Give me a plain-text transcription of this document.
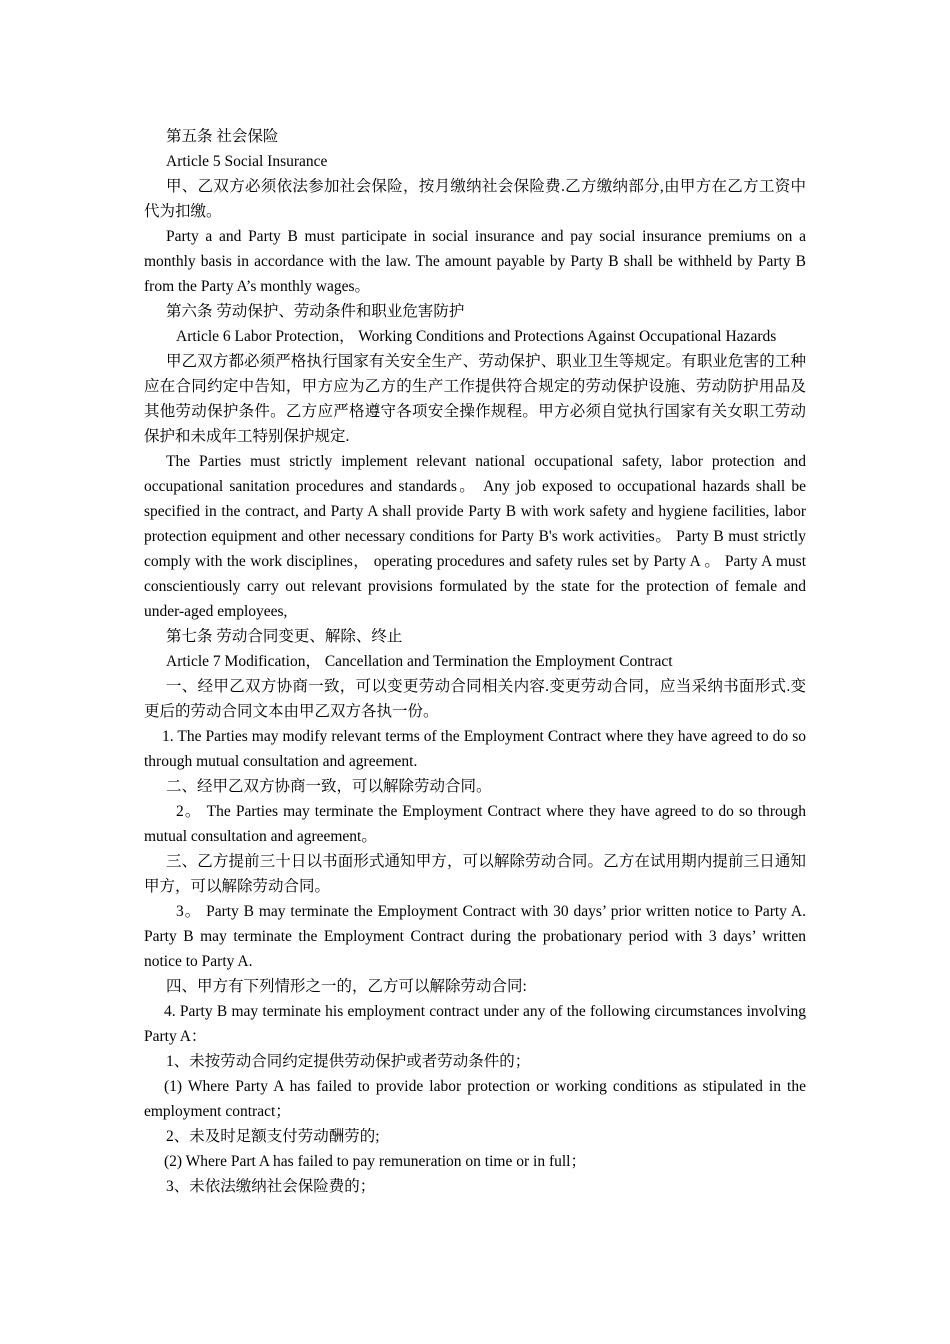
第五条 社会保险

Article 5 Social Insurance

甲、乙双方必须依法参加社会保险，按月缴纳社会保险费.乙方缴纳部分,由甲方在乙方工资中代为扣缴。

Party a and Party B must participate in social insurance and pay social insurance premiums on a monthly basis in accordance with the law. The amount payable by Party B shall be withheld by Party B from the Party A’s monthly wages。

第六条 劳动保护、劳动条件和职业危害防护

Article 6 Labor Protection， Working Conditions and Protections Against Occupational Hazards

甲乙双方都必须严格执行国家有关安全生产、劳动保护、职业卫生等规定。有职业危害的工种应在合同约定中告知，甲方应为乙方的生产工作提供符合规定的劳动保护设施、劳动防护用品及其他劳动保护条件。乙方应严格遵守各项安全操作规程。甲方必须自觉执行国家有关女职工劳动保护和未成年工特别保护规定.

The Parties must strictly implement relevant national occupational safety, labor protection and occupational sanitation procedures and standards。 Any job exposed to occupational hazards shall be specified in the contract, and Party A shall provide Party B with work safety and hygiene facilities, labor protection equipment and other necessary conditions for Party B's work activities。 Party B must strictly comply with the work disciplines， operating procedures and safety rules set by Party A 。 Party A must conscientiously carry out relevant provisions formulated by the state for the protection of female and under-aged employees,

第七条 劳动合同变更、解除、终止

Article 7 Modification， Cancellation and Termination the Employment Contract

一、经甲乙双方协商一致，可以变更劳动合同相关内容.变更劳动合同，应当采纳书面形式.变更后的劳动合同文本由甲乙双方各执一份。

1. The Parties may modify relevant terms of the Employment Contract where they have agreed to do so through mutual consultation and agreement.

二、经甲乙双方协商一致，可以解除劳动合同。

2。 The Parties may terminate the Employment Contract where they have agreed to do so through mutual consultation and agreement。

三、乙方提前三十日以书面形式通知甲方，可以解除劳动合同。乙方在试用期内提前三日通知甲方，可以解除劳动合同。

3。 Party B may terminate the Employment Contract with 30 days’ prior written notice to Party A. Party B may terminate the Employment Contract during the probationary period with 3 days’ written notice to Party A.

四、甲方有下列情形之一的，乙方可以解除劳动合同:

4. Party B may terminate his employment contract under any of the following circumstances involving Party A：

1、未按劳动合同约定提供劳动保护或者劳动条件的；

(1) Where Party A has failed to provide labor protection or working conditions as stipulated in the employment contract；

2、未及时足额支付劳动酬劳的;

(2) Where Part A has failed to pay remuneration on time or in full；

3、未依法缴纳社会保险费的；
